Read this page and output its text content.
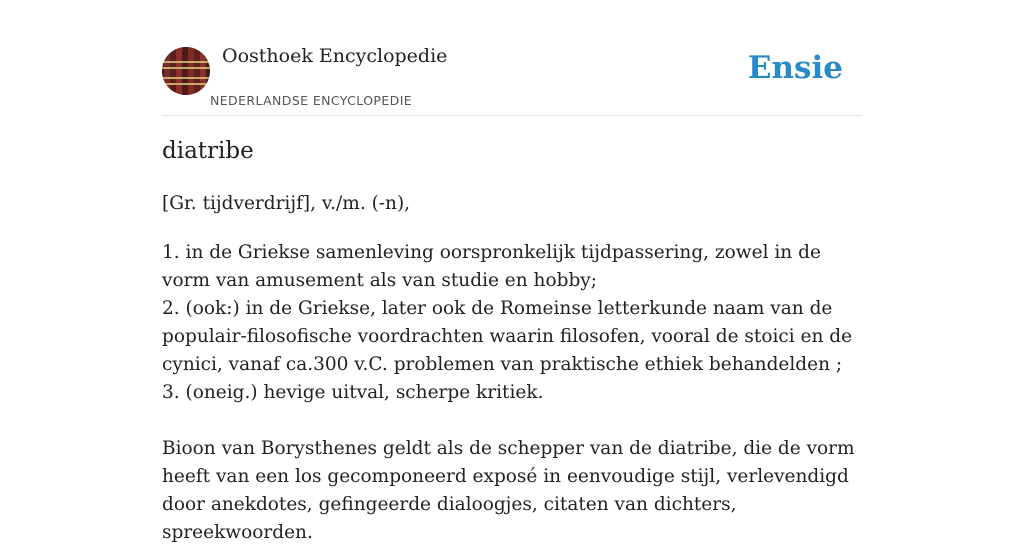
Oosthoek Encyclopedie
NEDERLANDSE ENCYCLOPEDIE
Ensie
diatribe
[Gr. tijdverdrijf], v./m. (-n),

1. in de Griekse samenleving oorspronkelijk tijdpassering, zowel in de vorm van amusement als van studie en hobby;

2. (ook:) in de Griekse, later ook de Romeinse letterkunde naam van de populair-filosofische voordrachten waarin filosofen, vooral de stoici en de cynici, vanaf ca.300 v.C. problemen van praktische ethiek behandelden ;

3. (oneig.) hevige uitval, scherpe kritiek.

Bioon van Borysthenes geldt als de schepper van de diatribe, die de vorm heeft van een los gecomponeerd exposé in eenvoudige stijl, verlevendigd door anekdotes, gefingeerde dialoogjes, citaten van dichters, spreekwoorden.
